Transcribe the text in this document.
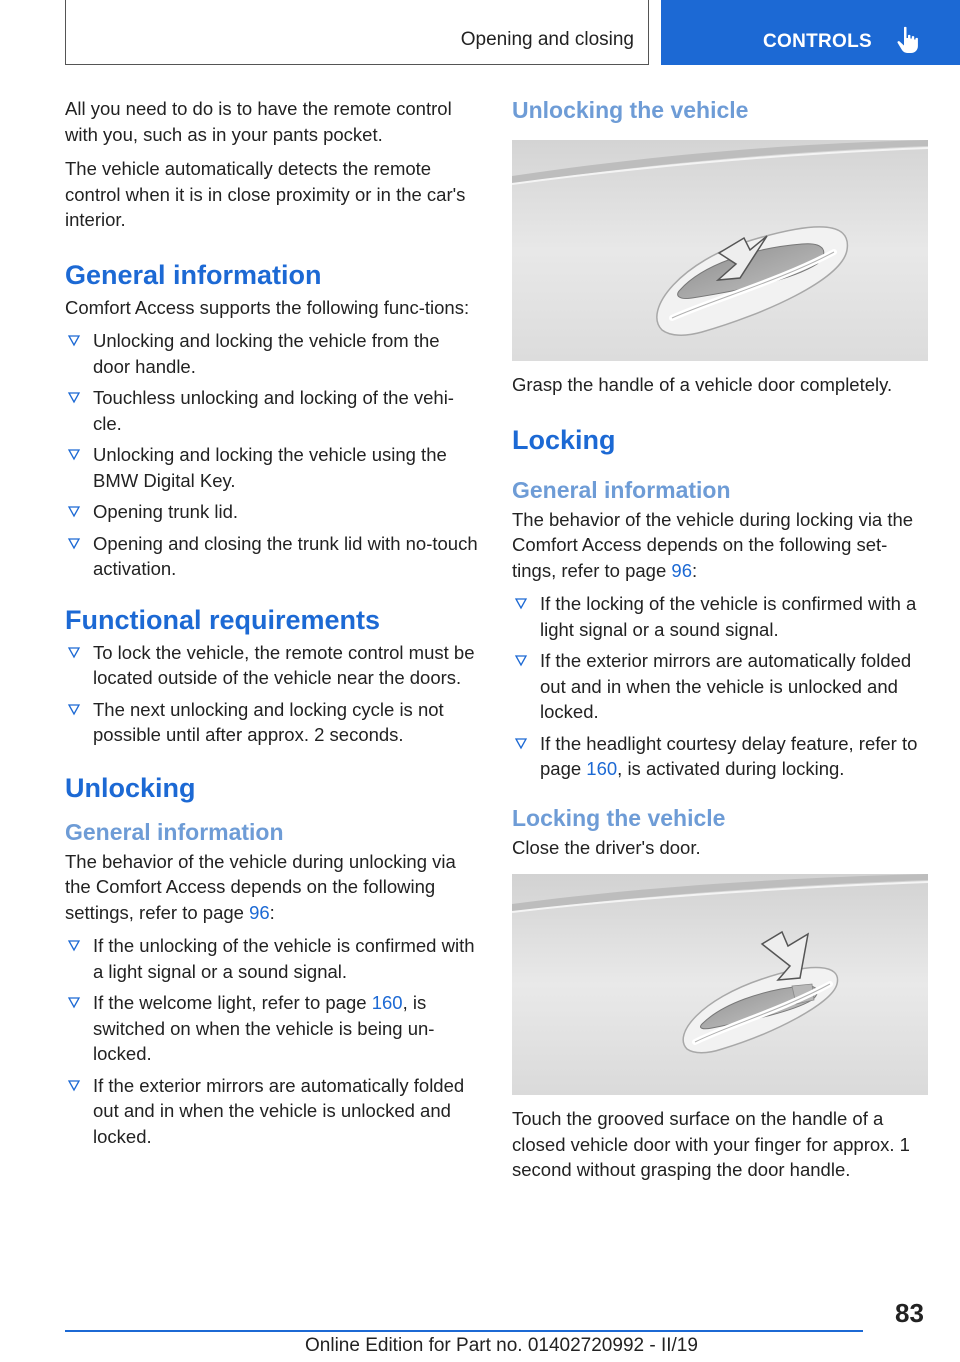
Opening and closing	CONTROLS

All you need to do is to have the remote control with you, such as in your pants pocket.

The vehicle automatically detects the remote control when it is in close proximity or in the car's interior.

General information

Comfort Access supports the following func-tions:

Unlocking and locking the vehicle from the door handle.
Touchless unlocking and locking of the vehi-cle.
Unlocking and locking the vehicle using the BMW Digital Key.
Opening trunk lid.
Opening and closing the trunk lid with no-touch activation.
Functional requirements
To lock the vehicle, the remote control must be located outside of the vehicle near the doors.
The next unlocking and locking cycle is not possible until after approx. 2 seconds.
Unlocking
General information

The behavior of the vehicle during unlocking via the Comfort Access depends on the following settings, refer to page 96:

If the unlocking of the vehicle is confirmed with a light signal or a sound signal.
If the welcome light, refer to page 160, is switched on when the vehicle is being un-locked.
If the exterior mirrors are automatically folded out and in when the vehicle is unlocked and locked.
Unlocking the vehicle

Grasp the handle of a vehicle door completely.

Locking
General information

The behavior of the vehicle during locking via the Comfort Access depends on the following set-tings, refer to page 96:

If the locking of the vehicle is confirmed with a light signal or a sound signal.
If the exterior mirrors are automatically folded out and in when the vehicle is unlocked and locked.
If the headlight courtesy delay feature, refer to page 160, is activated during locking.
Locking the vehicle

Close the driver's door.

Touch the grooved surface on the handle of a closed vehicle door with your finger for approx. 1 second without grasping the door handle.

83
Online Edition for Part no. 01402720992 - II/19
